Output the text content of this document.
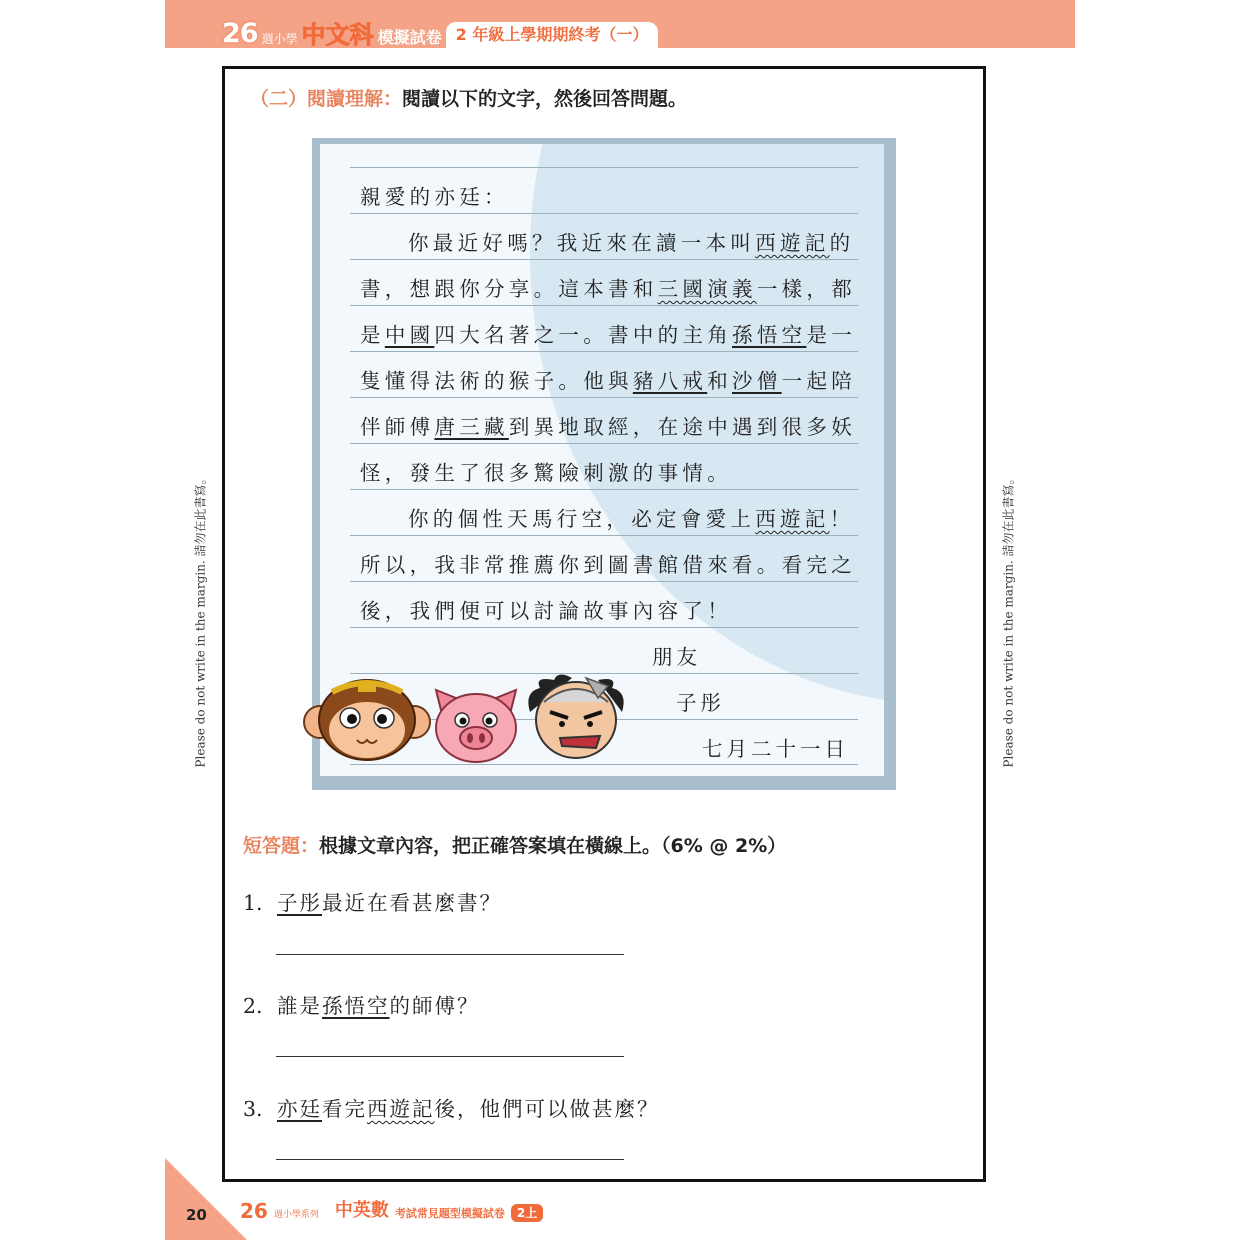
26 週小學 中文科 模擬試卷 2 年級上學期期終考（一）
Please do not write in the margin. 請勿在此書寫。	Please do not write in the margin. 請勿在此書寫。
（二）閱讀理解：閱讀以下的文字，然後回答問題。
親愛的亦廷：
你最近好嗎？我近來在讀一本叫西遊記的
書，想跟你分享。這本書和三國演義一樣，都
是中國四大名著之一。書中的主角孫悟空是一
隻懂得法術的猴子。他與豬八戒和沙僧一起陪
伴師傅唐三藏到異地取經，在途中遇到很多妖
怪，發生了很多驚險刺激的事情。
你的個性天馬行空，必定會愛上西遊記！
所以，我非常推薦你到圖書館借來看。看完之
後，我們便可以討論故事內容了！
朋友
子彤
七月二十一日
短答題：根據文章內容，把正確答案填在橫線上。（6% @ 2%）
1. 子彤最近在看甚麼書？
2. 誰是孫悟空的師傅？
3. 亦廷看完西遊記後，他們可以做甚麼？
20 26 週小學系列 中英數 考試常見題型模擬試卷	2上
